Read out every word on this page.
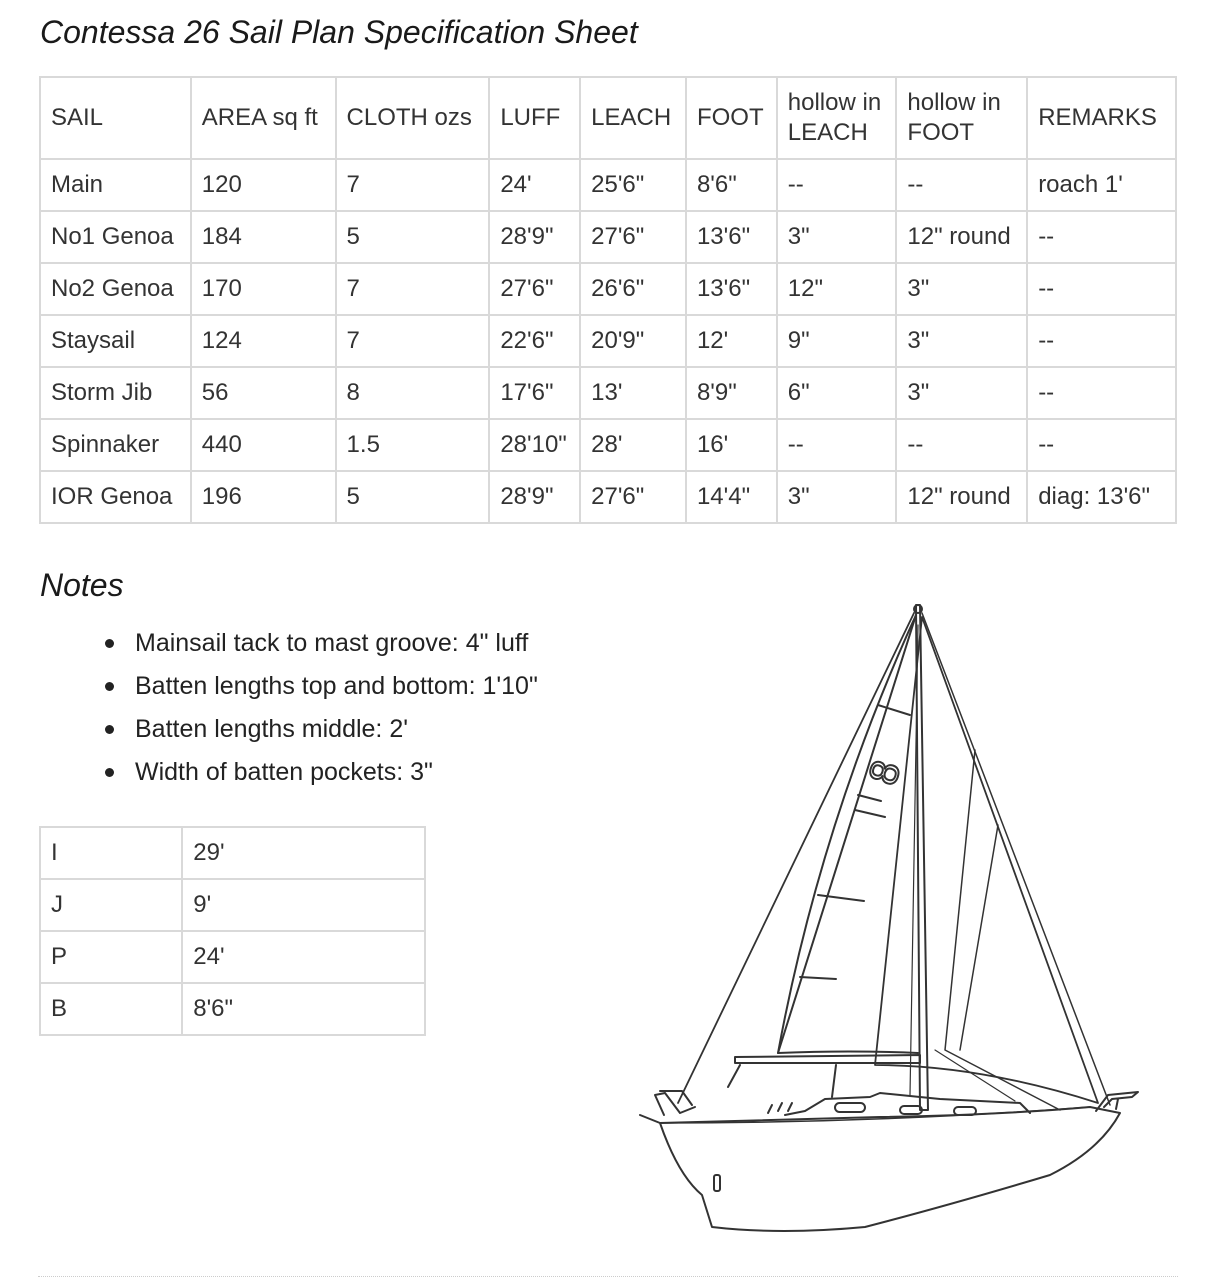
Contessa 26 Sail Plan Specification Sheet
SAIL	AREA sq ft	CLOTH ozs	LUFF	LEACH	FOOT	hollow in LEACH	hollow in FOOT	REMARKS
Main	120	7	24'	25'6"	8'6"	--	--	roach 1'
No1 Genoa	184	5	28'9"	27'6"	13'6"	3"	12" round	--
No2 Genoa	170	7	27'6"	26'6"	13'6"	12"	3"	--
Staysail	124	7	22'6"	20'9"	12'	9"	3"	--
Storm Jib	56	8	17'6"	13'	8'9"	6"	3"	--
Spinnaker	440	1.5	28'10"	28'	16'	--	--	--
IOR Genoa	196	5	28'9"	27'6"	14'4"	3"	12" round	diag: 13'6"
Notes
Mainsail tack to mast groove: 4" luff
Batten lengths top and bottom: 1'10"
Batten lengths middle: 2'
Width of batten pockets: 3"
I	29'
J	9'
P	24'
B	8'6"
8
